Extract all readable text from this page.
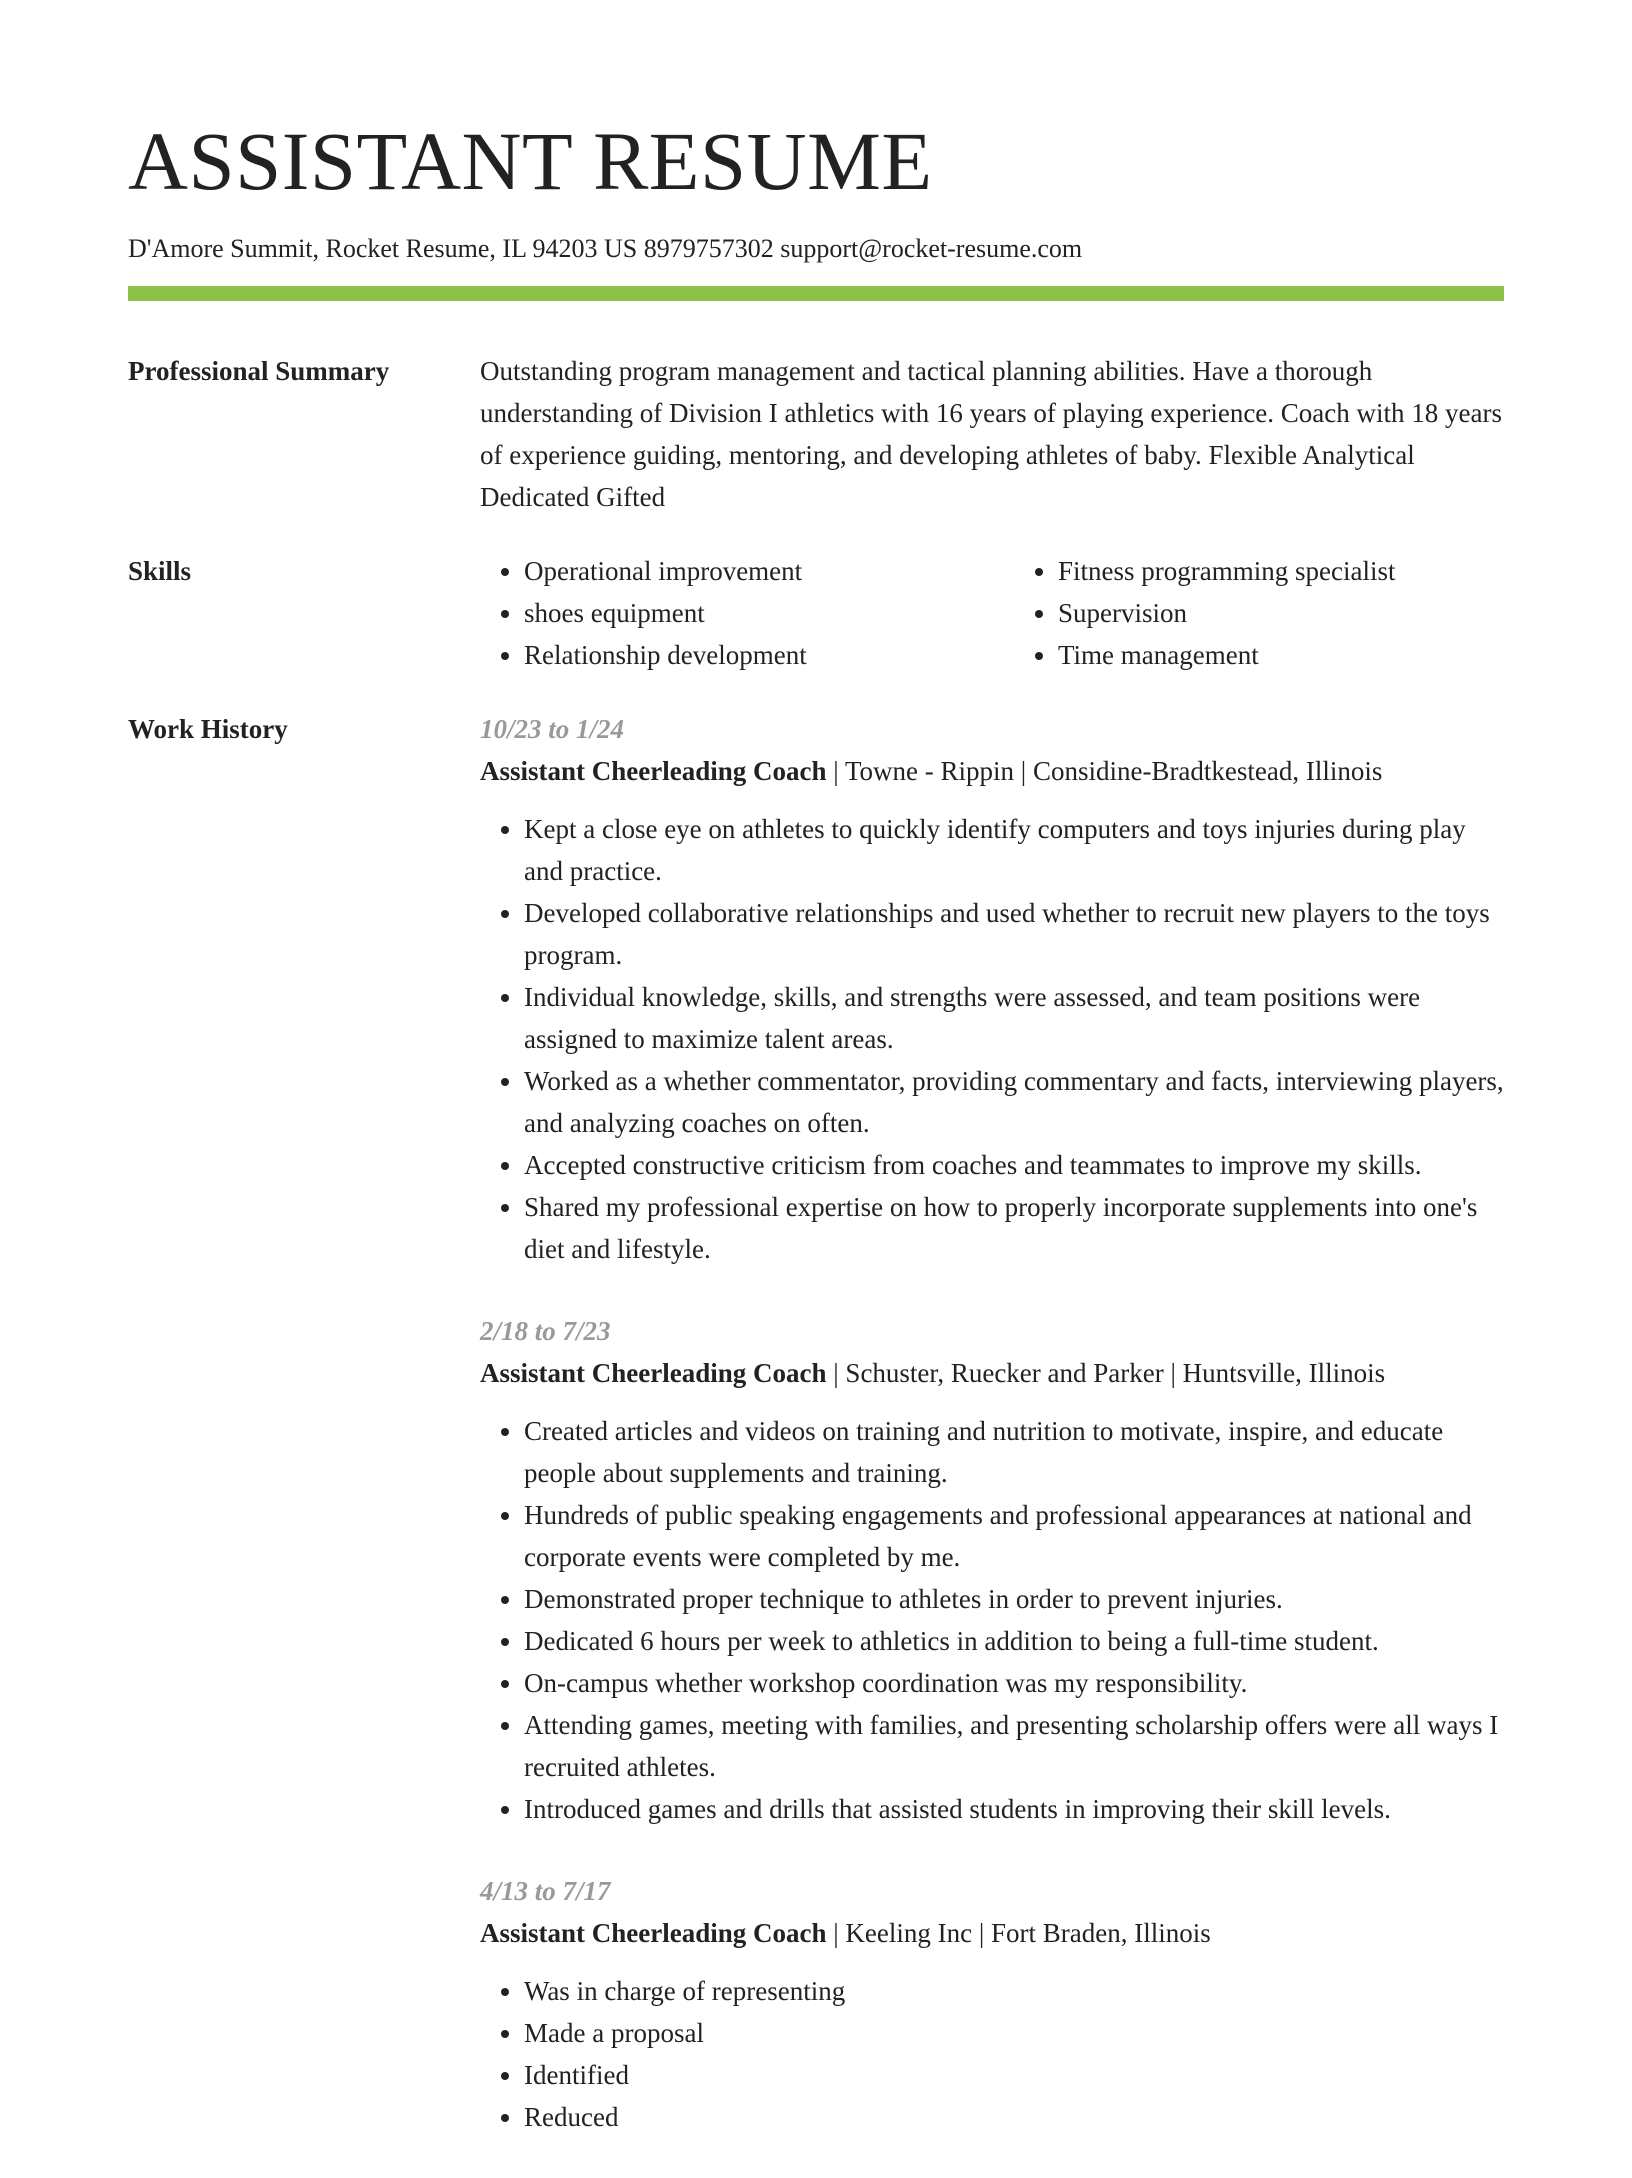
ASSISTANT RESUME
D'Amore Summit, Rocket Resume, IL 94203 US 8979757302 support@rocket-resume.com
Professional Summary	Outstanding program management and tactical planning abilities. Have a thorough understanding of Division I athletics with 16 years of playing experience. Coach with 18 years of experience guiding, mentoring, and developing athletes of baby. Flexible Analytical Dedicated Gifted

Skills
•	Operational improvement
• shoes equipment
• Relationship development
• Fitness programming specialist
• Supervision
• Time management
Work History	10/23 to 1/24
Assistant Cheerleading Coach | Towne - Rippin | Considine-Bradtkestead, Illinois
• Kept a close eye on athletes to quickly identify computers and toys injuries during play and practice.
• Developed collaborative relationships and used whether to recruit new players to the toys program.
• Individual knowledge, skills, and strengths were assessed, and team positions were assigned to maximize talent areas.
• Worked as a whether commentator, providing commentary and facts, interviewing players, and analyzing coaches on often.
• Accepted constructive criticism from coaches and teammates to improve my skills.
• Shared my professional expertise on how to properly incorporate supplements into one's diet and lifestyle.
2/18 to 7/23
Assistant Cheerleading Coach | Schuster, Ruecker and Parker | Huntsville, Illinois
• Created articles and videos on training and nutrition to motivate, inspire, and educate people about supplements and training.
• Hundreds of public speaking engagements and professional appearances at national and corporate events were completed by me.
• Demonstrated proper technique to athletes in order to prevent injuries.
• Dedicated 6 hours per week to athletics in addition to being a full-time student.
• On-campus whether workshop coordination was my responsibility.
• Attending games, meeting with families, and presenting scholarship offers were all ways I recruited athletes.
• Introduced games and drills that assisted students in improving their skill levels.
4/13 to 7/17
Assistant Cheerleading Coach | Keeling Inc | Fort Braden, Illinois
• Was in charge of representing
• Made a proposal
• Identified
• Reduced
